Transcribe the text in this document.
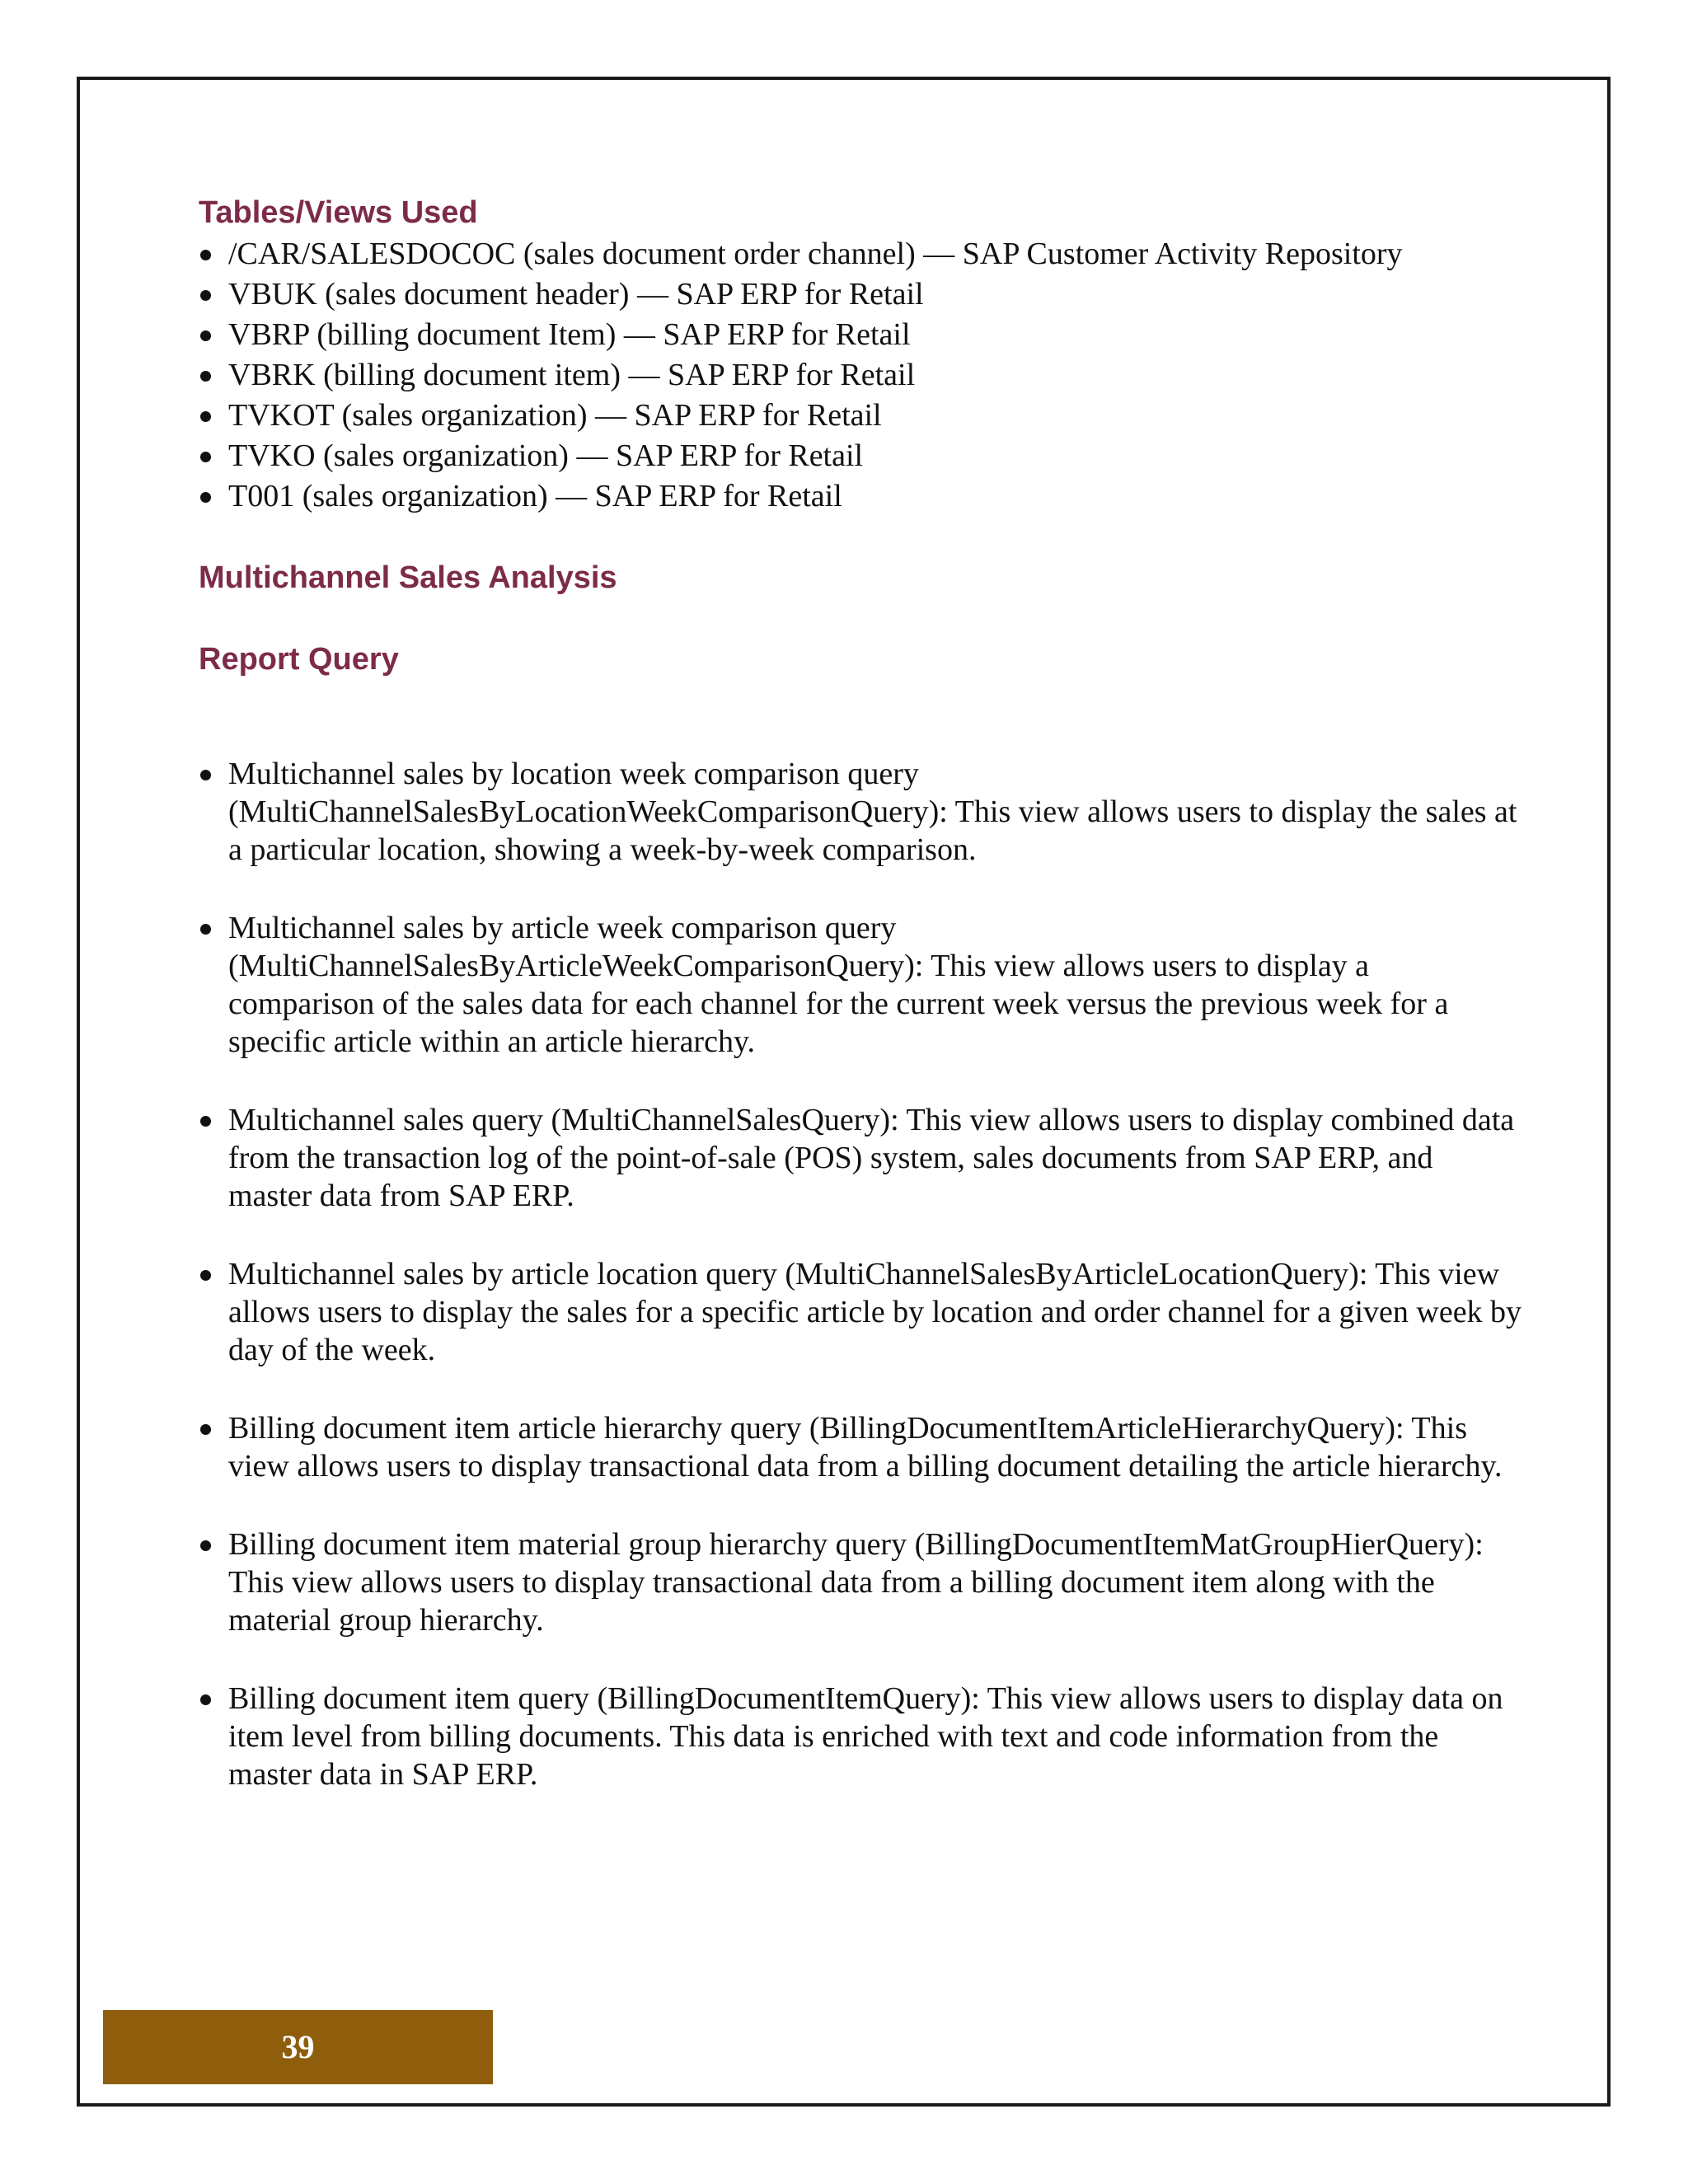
Tables/Views Used
/CAR/SALESDOCOC (sales document order channel) — SAP Customer Activity Repository
VBUK (sales document header) — SAP ERP for Retail
VBRP (billing document Item) — SAP ERP for Retail
VBRK (billing document item) — SAP ERP for Retail
TVKOT (sales organization) — SAP ERP for Retail
TVKO (sales organization) — SAP ERP for Retail
T001 (sales organization) — SAP ERP for Retail
Multichannel Sales Analysis
Report Query
Multichannel sales by location week comparison query (MultiChannelSalesByLocationWeekComparisonQuery): This view allows users to display the sales at a particular location, showing a week-by-week comparison.
Multichannel sales by article week comparison query (MultiChannelSalesByArticleWeekComparisonQuery): This view allows users to display a comparison of the sales data for each channel for the current week versus the previous week for a specific article within an article hierarchy.
Multichannel sales query (MultiChannelSalesQuery): This view allows users to display combined data from the transaction log of the point-of-sale (POS) system, sales documents from SAP ERP, and master data from SAP ERP.
Multichannel sales by article location query (MultiChannelSalesByArticleLocationQuery): This view allows users to display the sales for a specific article by location and order channel for a given week by day of the week.
Billing document item article hierarchy query (BillingDocumentItemArticleHierarchyQuery): This view allows users to display transactional data from a billing document detailing the article hierarchy.
Billing document item material group hierarchy query (BillingDocumentItemMatGroupHierQuery): This view allows users to display transactional data from a billing document item along with the material group hierarchy.
Billing document item query (BillingDocumentItemQuery): This view allows users to display data on item level from billing documents. This data is enriched with text and code information from the master data in SAP ERP.
39
